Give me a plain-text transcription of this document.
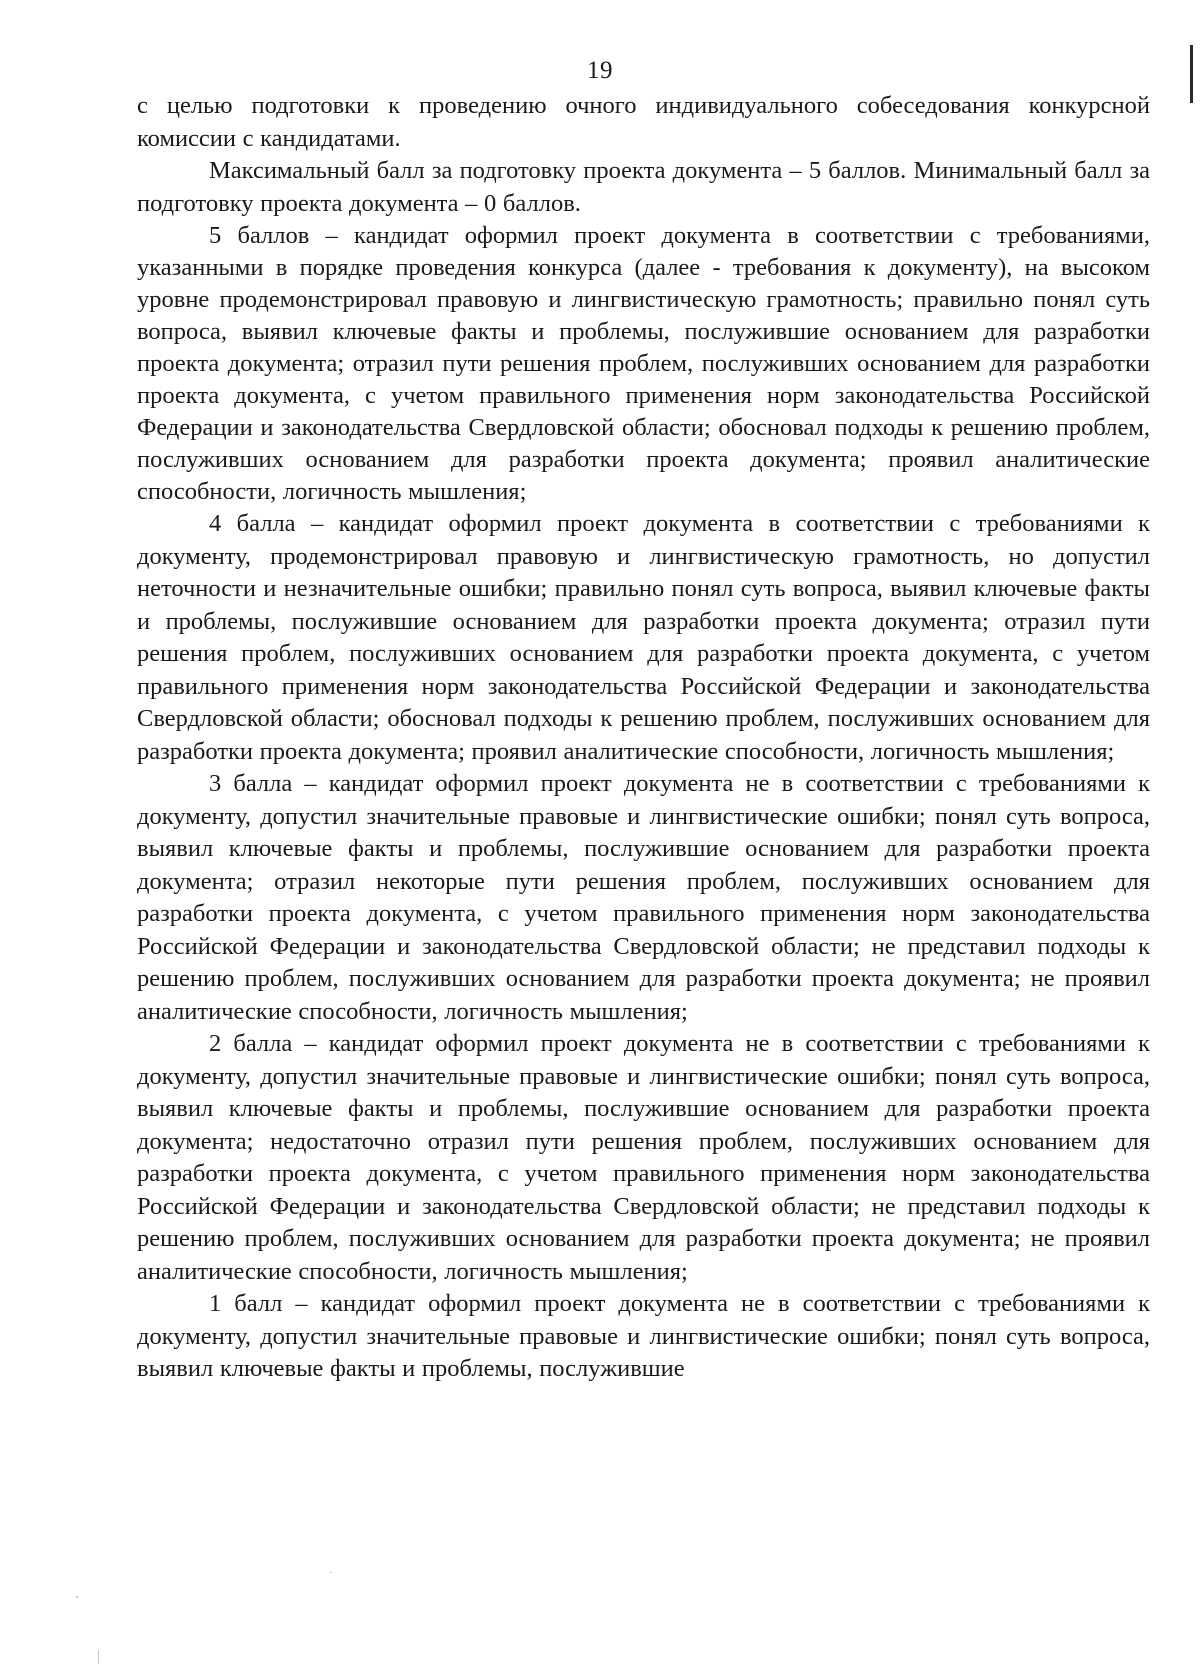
19

с целью подготовки к проведению очного индивидуального собеседования конкурсной комиссии с кандидатами.

Максимальный балл за подготовку проекта документа – 5 баллов. Минимальный балл за подготовку проекта документа – 0 баллов.

5 баллов – кандидат оформил проект документа в соответствии с требованиями, указанными в порядке проведения конкурса (далее - требования к документу), на высоком уровне продемонстрировал правовую и лингвистическую грамотность; правильно понял суть вопроса, выявил ключевые факты и проблемы, послужившие основанием для разработки проекта документа; отразил пути решения проблем, послуживших основанием для разработки проекта документа, с учетом правильного применения норм законодательства Российской Федерации и законодательства Свердловской области; обосновал подходы к решению проблем, послуживших основанием для разработки проекта документа; проявил аналитические способности, логичность мышления;

4 балла – кандидат оформил проект документа в соответствии с требованиями к документу, продемонстрировал правовую и лингвистическую грамотность, но допустил неточности и незначительные ошибки; правильно понял суть вопроса, выявил ключевые факты и проблемы, послужившие основанием для разработки проекта документа; отразил пути решения проблем, послуживших основанием для разработки проекта документа, с учетом правильного применения норм законодательства Российской Федерации и законодательства Свердловской области; обосновал подходы к решению проблем, послуживших основанием для разработки проекта документа; проявил аналитические способности, логичность мышления;

3 балла – кандидат оформил проект документа не в соответствии с требованиями к документу, допустил значительные правовые и лингвистические ошибки; понял суть вопроса, выявил ключевые факты и проблемы, послужившие основанием для разработки проекта документа; отразил некоторые пути решения проблем, послуживших основанием для разработки проекта документа, с учетом правильного применения норм законодательства Российской Федерации и законодательства Свердловской области; не представил подходы к решению проблем, послуживших основанием для разработки проекта документа; не проявил аналитические способности, логичность мышления;

2 балла – кандидат оформил проект документа не в соответствии с требованиями к документу, допустил значительные правовые и лингвистические ошибки; понял суть вопроса, выявил ключевые факты и проблемы, послужившие основанием для разработки проекта документа; недостаточно отразил пути решения проблем, послуживших основанием для разработки проекта документа, с учетом правильного применения норм законодательства Российской Федерации и законодательства Свердловской области; не представил подходы к решению проблем, послуживших основанием для разработки проекта документа; не проявил аналитические способности, логичность мышления;

1 балл – кандидат оформил проект документа не в соответствии с требованиями к документу, допустил значительные правовые и лингвистические ошибки; понял суть вопроса, выявил ключевые факты и проблемы, послужившие
